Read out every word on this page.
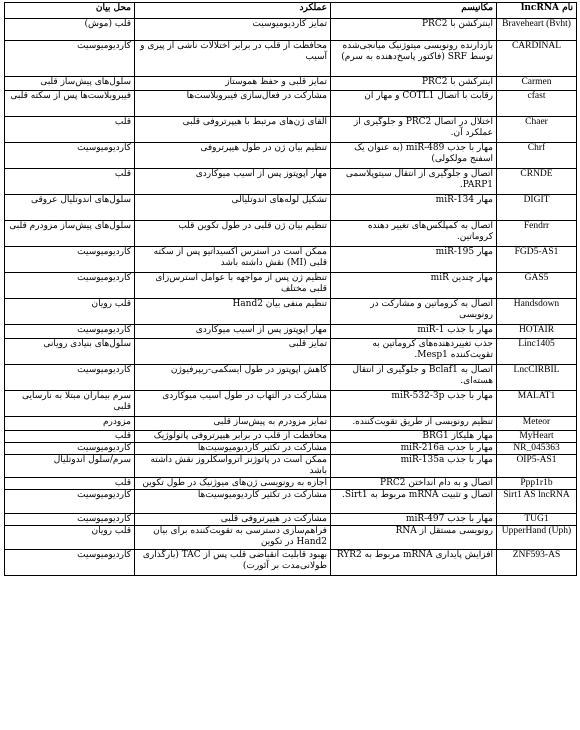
نام lncRNA	مکانیسم	عملکرد	محل بیان
Braveheart (Bvht)	اینترکشن با PRC2	تمایز کاردیومیوسیت	قلب (موش)
CARDINAL	بازدارنده رونویسی میتوژنیک میانجی‌شده توسط SRF (فاکتور پاسخ‌دهنده به سرم)	محافظت از قلب در برابر اختلالات ناشی از پیری و آسیب	کاردیومیوسیت
Carmen	اینترکشن با PRC2	تمایز قلبی و حفظ هموستاز	سلول‌های پیش‌ساز قلبی
cfast	رقابت با اتصال COTL1 و مهار آن	مشارکت در فعال‌سازی فیبروبلاست‌ها	فیبروبلاست‌ها پس از سکته قلبی
Chaer	اختلال در اتصال PRC2 و جلوگیری از عملکرد آن.	القای ژن‌های مرتبط با هیپرتروفی قلبی	قلب
Chrf	مهار با جذب miR-489 (به عنوان یک اسفنج مولکولی)	تنظیم بیان ژن در طول هیپرتروفی	کاردیومیوسیت
CRNDE	اتصال و جلوگیری از انتقال سیتوپلاسمی PARP1.	مهار آپوپتوز پس از آسیب میوکاردی	قلب
DIGIT	مهار miR-134	تشکیل لوله‌های اندوتلیالی	سلول‌های اندوتلیال عروقی
Fendrr	اتصال به کمپلکس‌های تغییر دهنده کروماتین.	تنظیم بیان ژن قلبی در طول تکوین قلب	سلول‌های پیش‌ساز مزودرم قلبی
FGD5-AS1	مهار miR-195	ممکن است در استرس اکسیداتیو پس از سکته قلبی (MI) نقش داشته باشد	کاردیومیوسیت
GAS5	مهار چندین miR	تنظیم ژن پس از مواجهه با عوامل استرس‌زای قلبی مختلف	کاردیومیوسیت
Handsdown	اتصال به کروماتین و مشارکت در رونویسی	تنظیم منفی بیان Hand2	قلب رویان
HOTAIR	مهار با جذب miR-1	مهار آپوپتوز پس از آسیب میوکاردی	کاردیومیوسیت
Linc1405	جذب تغییردهنده‌های کروماتین به تقویت‌کننده Mesp1.	تمایز قلبی	سلول‌های بنیادی رویانی
LncCIRBIL	اتصال به Bclaf1 و جلوگیری از انتقال هسته‌ای.	کاهش آپوپتوز در طول ایسکمی-ریپرفیوژن	کاردیومیوسیت
MALAT1	مهار با جذب miR-532-3p	مشارکت در التهاب در طول آسیب میوکاردی	سرم بیماران مبتلا به نارسایی قلبی
Meteor	تنظیم رونویسی از طریق تقویت‌کننده.	تمایز مزودرم به پیش‌ساز قلبی	مزودرم
MyHeart	مهار هلیکاز BRG1	محافظت از قلب در برابر هیپرتروفی پاتولوژیک	قلب
NR_045363	مهار با جذب miR-216a	مشارکت در تکثیر کاردیومیوسیت‌ها	کاردیومیوسیت
OIP5-AS1	مهار با جذب miR-135a	ممکن است در پاتوژنز آترواسکلروز نقش داشته باشد	سرم/سلول اندوتلیال
Ppp1r1b	اتصال و به دام انداختن PRC2	اجازه به رونویسی ژن‌های میوژنیک در طول تکوین	قلب
Sirt1 AS lncRNA	اتصال و تثبیت mRNA مربوط به Sirt1.	مشارکت در تکثیر کاردیومیوسیت‌ها	کاردیومیوسیت
TUG1	مهار با جذب miR-497	مشارکت در هیپرتروفی قلبی	کاردیومیوسیت
UpperHand (Uph)	رونویسی مستقل از RNA	فراهم‌سازی دسترسی به تقویت‌کننده برای بیان Hand2 در تکوین	قلب رویان
ZNF593-AS	افزایش پایداری mRNA مربوط به RYR2	بهبود قابلیت انقباضی قلب پس از TAC (بارگذاری طولانی‌مدت بر آئورت)	کاردیومیوسیت
